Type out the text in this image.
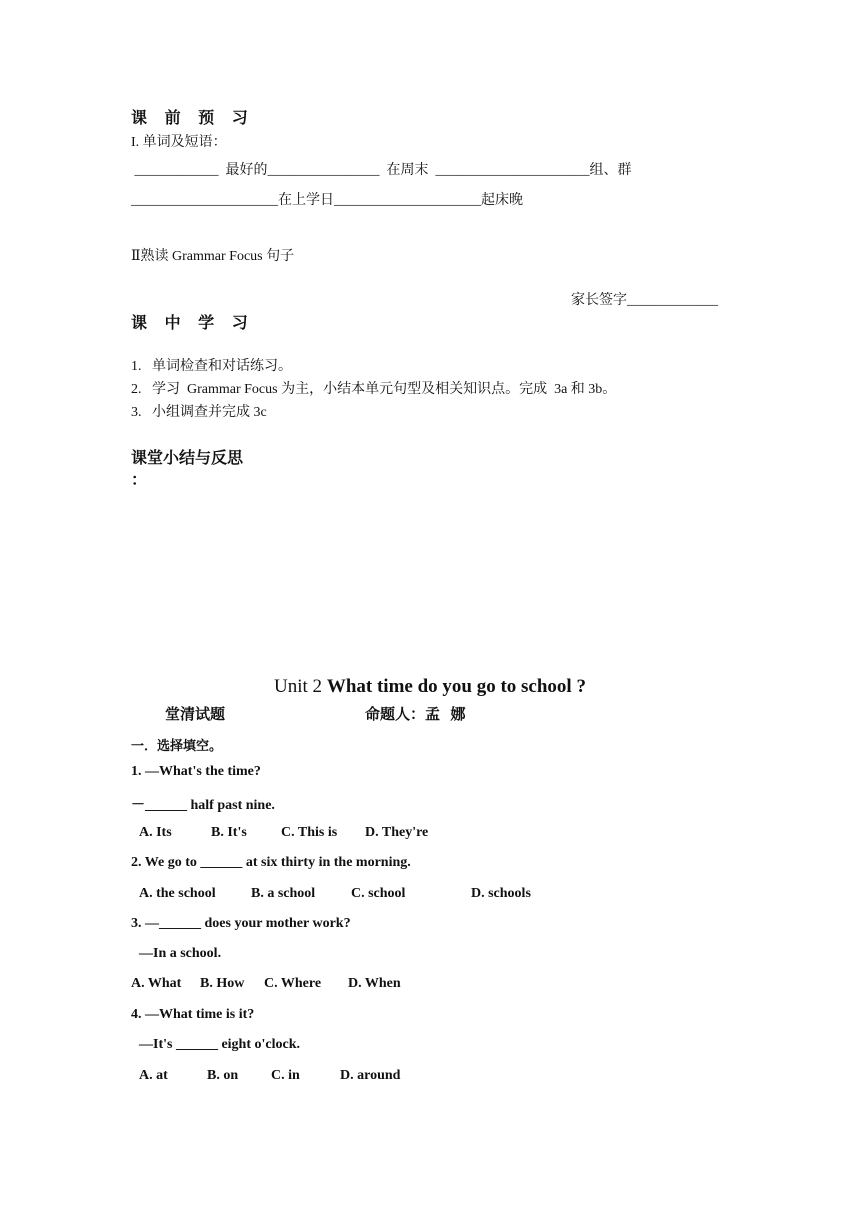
课 前 预 习
I. 单词及短语：
____________  最好的________________  在周末  ______________________组、群
_____________________在上学日_____________________起床晚
Ⅱ熟读 Grammar Focus 句子
家长签字_____________
课 中 学 习
1.   单词检查和对话练习。
2.   学习  Grammar Focus 为主，小结本单元句型及相关知识点。完成  3a 和 3b。
3.   小组调查并完成 3c
课堂小结与反思
：
Unit 2 What time do you go to school ?
堂清试题	命题人：孟  娜
一．选择填空。
1. —What's the time?
－______ half past nine.
A. Its	B. It's C. This is D. They're
2. We go to ______ at six thirty in the morning.
A. the school	B. a school	C. school	D. schools
3. —______ does your mother work?
—In a school.
A. What B. How C. Where D. When
4. —What time is it?
—It's ______ eight o'clock.
A. at	B. on C. in	D. around
